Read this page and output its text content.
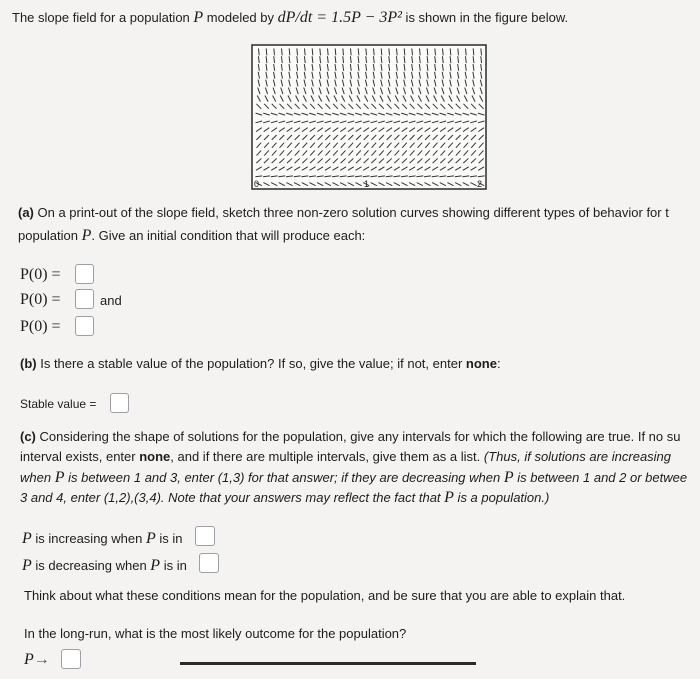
The slope field for a population P modeled by dP/dt = 1.5P − 3P² is shown in the figure below.
0	1	2
(a) On a print-out of the slope field, sketch three non-zero solution curves showing different types of behavior for t
population P. Give an initial condition that will produce each:
P(0) =
P(0) =	and
P(0) =
(b) Is there a stable value of the population? If so, give the value; if not, enter none:
Stable value =
(c) Considering the shape of solutions for the population, give any intervals for which the following are true. If no su
interval exists, enter none, and if there are multiple intervals, give them as a list. (Thus, if solutions are increasing
when P is between 1 and 3, enter (1,3) for that answer; if they are decreasing when P is between 1 and 2 or betwee
3 and 4, enter (1,2),(3,4). Note that your answers may reflect the fact that P is a population.)
P is increasing when P is in
P is decreasing when P is in
Think about what these conditions mean for the population, and be sure that you are able to explain that.
In the long-run, what is the most likely outcome for the population?
P→
